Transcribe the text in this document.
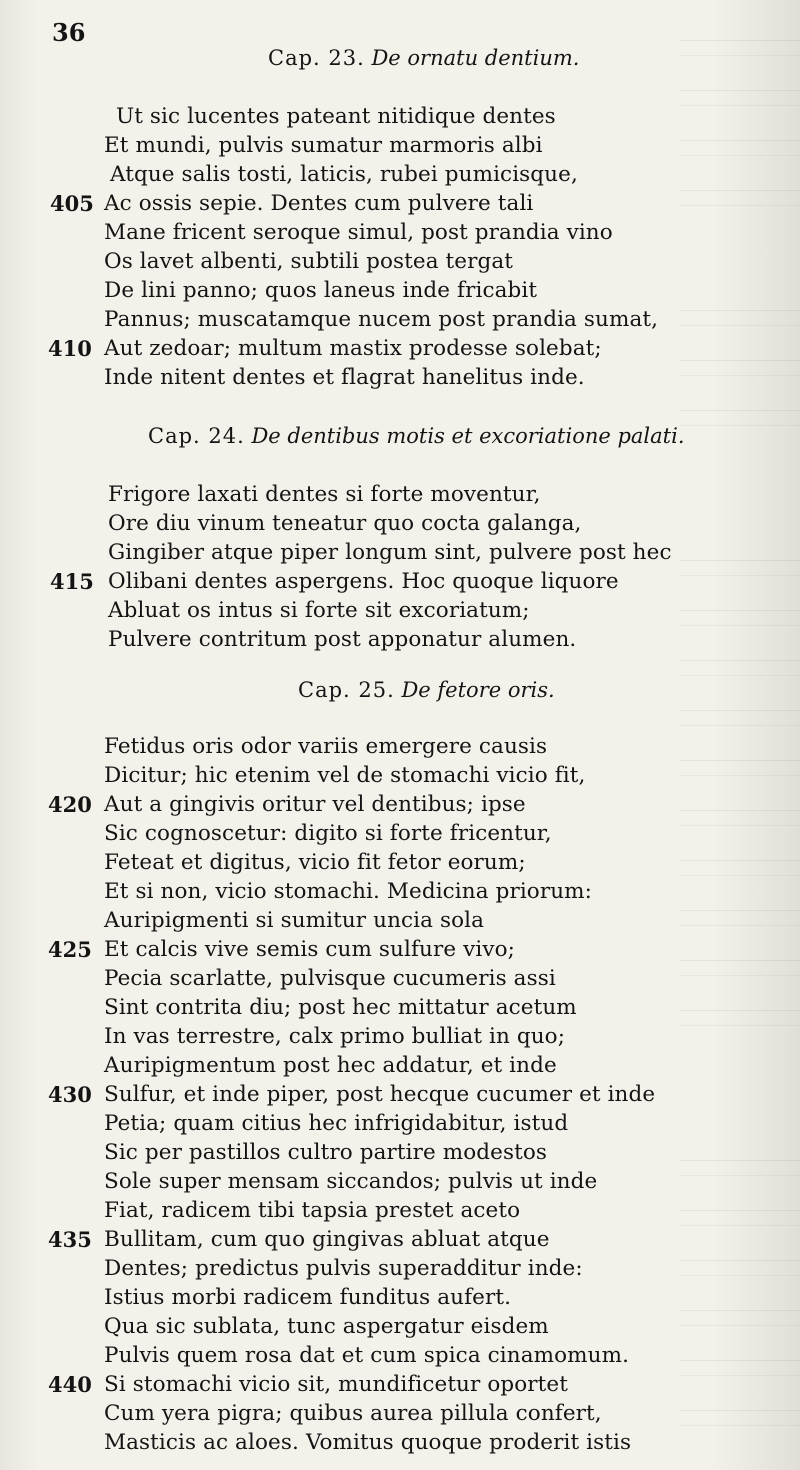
36
Cap. 23. De ornatu dentium.
Ut sic lucentes pateant nitidique dentes
Et mundi, pulvis sumatur marmoris albi
Atque salis tosti, laticis, rubei pumicisque,
Ac ossis sepie. Dentes cum pulvere tali
Mane fricent seroque simul, post prandia vino
Os lavet albenti, subtili postea tergat
De lini panno; quos laneus inde fricabit
Pannus; muscatamque nucem post prandia sumat,
Aut zedoar; multum mastix prodesse solebat;
Inde nitent dentes et flagrat hanelitus inde.
Cap. 24. De dentibus motis et excoriatione palati.
Frigore laxati dentes si forte moventur,
Ore diu vinum teneatur quo cocta galanga,
Gingiber atque piper longum sint, pulvere post hec
Olibani dentes aspergens. Hoc quoque liquore
Abluat os intus si forte sit excoriatum;
Pulvere contritum post apponatur alumen.
Cap. 25. De fetore oris.
Fetidus oris odor variis emergere causis
Dicitur; hic etenim vel de stomachi vicio fit,
Aut a gingivis oritur vel dentibus; ipse
Sic cognoscetur: digito si forte fricentur,
Feteat et digitus, vicio fit fetor eorum;
Et si non, vicio stomachi. Medicina priorum:
Auripigmenti si sumitur uncia sola
Et calcis vive semis cum sulfure vivo;
Pecia scarlatte, pulvisque cucumeris assi
Sint contrita diu; post hec mittatur acetum
In vas terrestre, calx primo bulliat in quo;
Auripigmentum post hec addatur, et inde
Sulfur, et inde piper, post hecque cucumer et inde
Petia; quam citius hec infrigidabitur, istud
Sic per pastillos cultro partire modestos
Sole super mensam siccandos; pulvis ut inde
Fiat, radicem tibi tapsia prestet aceto
Bullitam, cum quo gingivas abluat atque
Dentes; predictus pulvis superadditur inde:
Istius morbi radicem funditus aufert.
Qua sic sublata, tunc aspergatur eisdem
Pulvis quem rosa dat et cum spica cinamomum.
Si stomachi vicio sit, mundificetur oportet
Cum yera pigra; quibus aurea pillula confert,
Masticis ac aloes. Vomitus quoque proderit istis
405
410
415
420
425
430
435
440
